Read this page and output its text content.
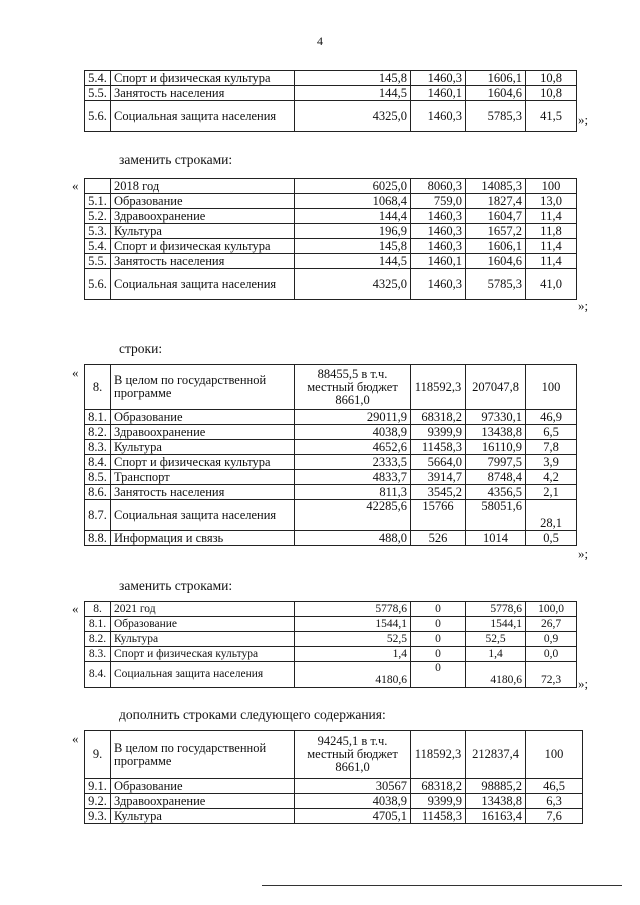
4
5.4.	Спорт и физическая культура	145,8	1460,3	1606,1	10,8
5.5.	Занятость населения	144,5	1460,1	1604,6	10,8
5.6.	Социальная защита населения	4325,0	1460,3	5785,3	41,5 »;
заменить строками:
«
		2018 год	6025,0	8060,3	14085,3	100
5.1.	Образование	1068,4	759,0	1827,4	13,0
5.2.	Здравоохранение	144,4	1460,3	1604,7	11,4
5.3.	Культура	196,9	1460,3	1657,2	11,8
5.4.	Спорт и физическая культура	145,8	1460,3	1606,1	11,4
5.5.	Занятость населения	144,5	1460,1	1604,6	11,4
5.6.	Социальная защита населения	4325,0	1460,3	5785,3	41,0
»;
строки:
«
8.	В целом по государственной программе	88455,5 в т.ч. местный бюджет 8661,0	118592,3	207047,8	100
8.1.	Образование	29011,9	68318,2	97330,1	46,9
8.2.	Здравоохранение	4038,9	9399,9	13438,8	6,5
8.3.	Культура	4652,6	11458,3	16110,9	7,8
8.4.	Спорт и физическая культура	2333,5	5664,0	7997,5	3,9
8.5.	Транспорт	4833,7	3914,7	8748,4	4,2
8.6.	Занятость населения	811,3	3545,2	4356,5	2,1
8.7.	Социальная защита населения	42285,6	15766	58051,6	28,1
8.8.	Информация и связь	488,0	526	1014	0,5
»;
заменить строками:
« 8.	2021 год	5778,6	0	5778,6	100,0
8.1.	Образование	1544,1	0	1544,1	26,7
8.2.	Культура	52,5	0	52,5	0,9
8.3.	Спорт и физическая культура	1,4	0	1,4	0,0
8.4.	Социальная защита населения	4180,6	0	4180,6	72,3 »;
дополнить строками следующего содержания:
«
9.	В целом по государственной программе	94245,1 в т.ч. местный бюджет 8661,0	118592,3	212837,4	100
9.1.	Образование	30567	68318,2	98885,2	46,5
9.2.	Здравоохранение	4038,9	9399,9	13438,8	6,3
9.3.	Культура	4705,1	11458,3	16163,4	7,6
